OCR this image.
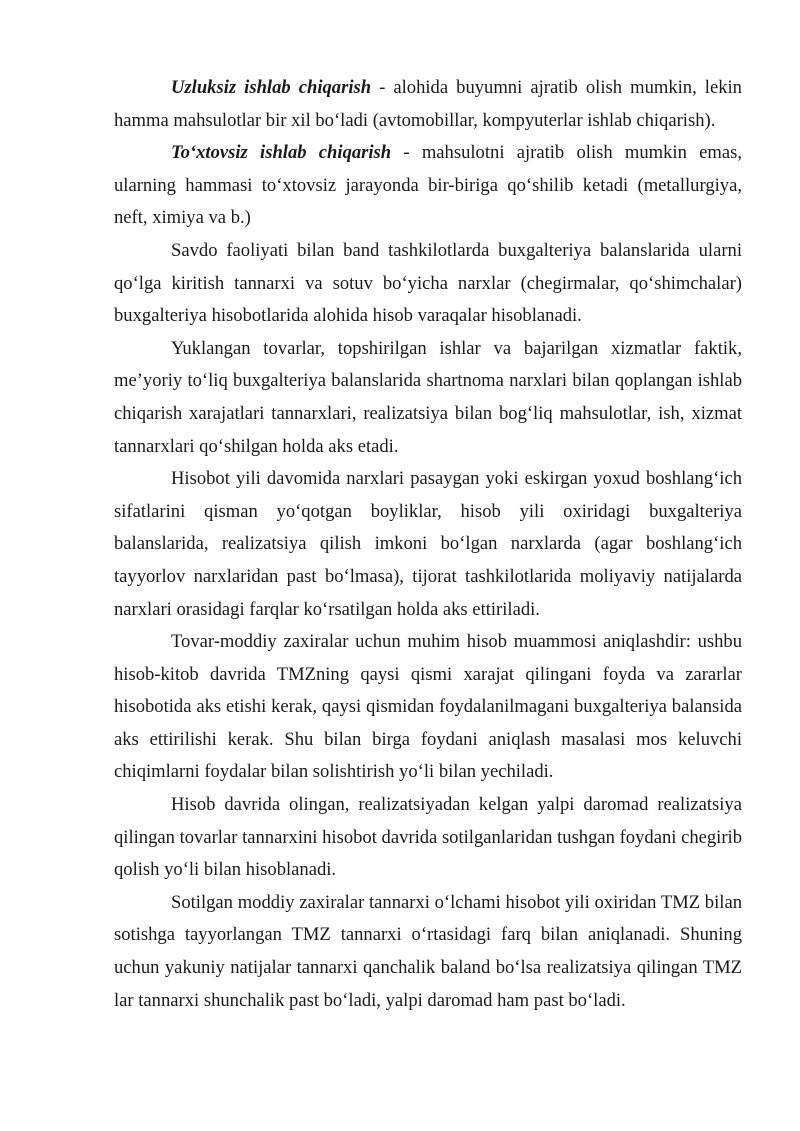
Uzluksiz ishlab chiqarish - alohida buyumni ajratib olish mumkin, lekin hamma mahsulotlar bir xil bo‘ladi (avtomobillar, kompyuterlar ishlab chiqarish).

To‘xtovsiz ishlab chiqarish - mahsulotni ajratib olish mumkin emas, ularning hammasi to‘xtovsiz jarayonda bir-biriga qo‘shilib ketadi (metallurgiya, neft, ximiya va b.)

Savdo faoliyati bilan band tashkilotlarda buxgalteriya balanslarida ularni qo‘lga kiritish tannarxi va sotuv bo‘yicha narxlar (chegirmalar, qo‘shimchalar) buxgalteriya hisobotlarida alohida hisob varaqalar hisoblanadi.

Yuklangan tovarlar, topshirilgan ishlar va bajarilgan xizmatlar faktik, me’yoriy to‘liq buxgalteriya balanslarida shartnoma narxlari bilan qoplangan ishlab chiqarish xarajatlari tannarxlari, realizatsiya bilan bog‘liq mahsulotlar, ish, xizmat tannarxlari qo‘shilgan holda aks etadi.

Hisobot yili davomida narxlari pasaygan yoki eskirgan yoxud boshlang‘ich sifatlarini qisman yo‘qotgan boyliklar, hisob yili oxiridagi buxgalteriya balanslarida, realizatsiya qilish imkoni bo‘lgan narxlarda (agar boshlang‘ich tayyorlov narxlaridan past bo‘lmasa), tijorat tashkilotlarida moliyaviy natijalarda narxlari orasidagi farqlar ko‘rsatilgan holda aks ettiriladi.

Tovar-moddiy zaxiralar uchun muhim hisob muammosi aniqlashdir: ushbu hisob-kitob davrida TMZning qaysi qismi xarajat qilingani foyda va zararlar hisobotida aks etishi kerak, qaysi qismidan foydalanilmagani buxgalteriya balansida aks ettirilishi kerak. Shu bilan birga foydani aniqlash masalasi mos keluvchi chiqimlarni foydalar bilan solishtirish yo‘li bilan yechiladi.

Hisob davrida olingan, realizatsiyadan kelgan yalpi daromad realizatsiya qilingan tovarlar tannarxini hisobot davrida sotilganlaridan tushgan foydani chegirib qolish yo‘li bilan hisoblanadi.

Sotilgan moddiy zaxiralar tannarxi o‘lchami hisobot yili oxiridan TMZ bilan sotishga tayyorlangan TMZ tannarxi o‘rtasidagi farq bilan aniqlanadi. Shuning uchun yakuniy natijalar tannarxi qanchalik baland bo‘lsa realizatsiya qilingan TMZ lar tannarxi shunchalik past bo‘ladi, yalpi daromad ham past bo‘ladi.
